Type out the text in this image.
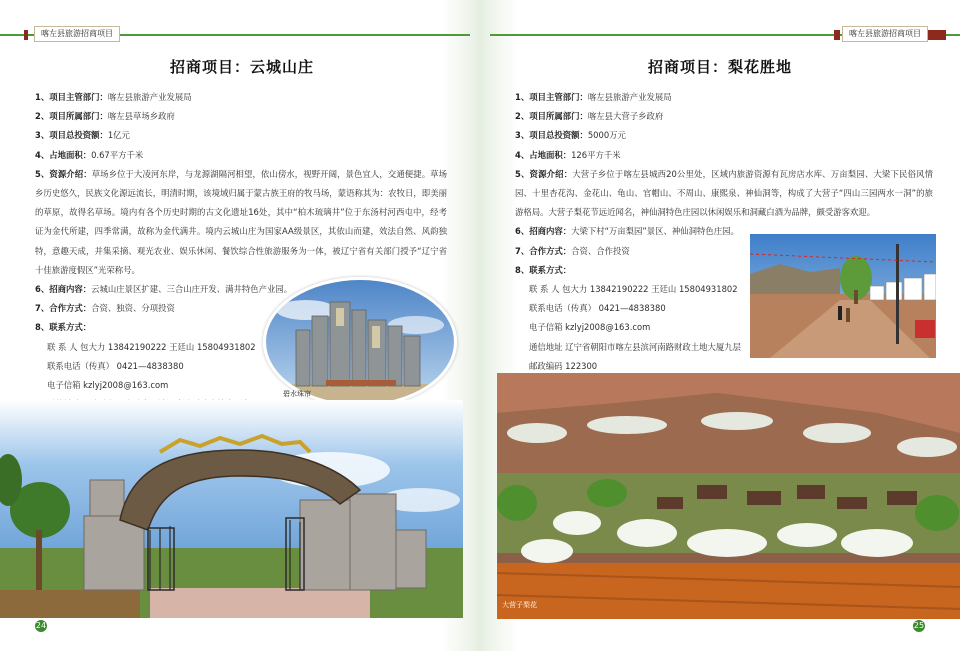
喀左县旅游招商项目	喀左县旅游招商项目
招商项目：云城山庄
1、项目主管部门：喀左县旅游产业发展局
2、项目所属部门：喀左县草场乡政府
3、项目总投资额：1亿元
4、占地面积：0.67平方千米
5、资源介绍：草场乡位于大凌河东岸，与龙源湖隔河相望，依山傍水，视野开阔，景色宜人，交通便捷。草场乡历史悠久，民族文化源远流长，明清时期，该境域归属于蒙古族王府的牧马场，蒙语称其为：农牧日，即美丽的草原，故得名草场。境内有各个历史时期的古文化遗址16处，其中“柏木琉璃井”位于东汤村河西屯中，经考证为金代所建，四季常满，故称为金代满井。境内云城山庄为国家AA级景区，其依山而建，效法自然、风韵独特，意趣天成，并集采摘、观光农业、娱乐休闲、餐饮综合性旅游服务为一体，被辽宁省有关部门授予“辽宁省十佳旅游度假区”光荣称号。
6、招商内容：云城山庄景区扩建、三合山庄开发、满井特色产业园。
7、合作方式：合资、独资、分项投资
8、联系方式：
联 系 人 包大力 13842190222 王廷山 15804931802
联系电话（传真） 0421—4838380
电子信箱 kzlyj2008@163.com
碧水珠帘
24
招商项目：梨花胜地
1、项目主管部门：喀左县旅游产业发展局
2、项目所属部门：喀左县大营子乡政府
3、项目总投资额：5000万元
4、占地面积：126平方千米
5、资源介绍：大营子乡位于喀左县城西20公里处，区域内旅游资源有瓦房店水库、万亩梨园、大梁下民俗风情园、十里杏花沟、金花山、龟山、官帽山、不周山、康熙泉、神仙洞等，构成了大营子“四山三园两水一洞”的旅游格局。大营子梨花节远近闻名，神仙洞特色庄园以休闲娱乐和洞藏白酒为品牌，颇受游客欢迎。
6、招商内容：大梁下村“万亩梨园”景区、神仙洞特色庄园。
7、合作方式：合资、合作投资
8、联系方式：
联 系 人 包大力 13842190222 王廷山 15804931802
联系电话（传真） 0421—4838380
电子信箱 kzlyj2008@163.com
通信地址 辽宁省朝阳市喀左县滨河南路财政土地大厦九层
邮政编码 122300
大营子梨花
25
